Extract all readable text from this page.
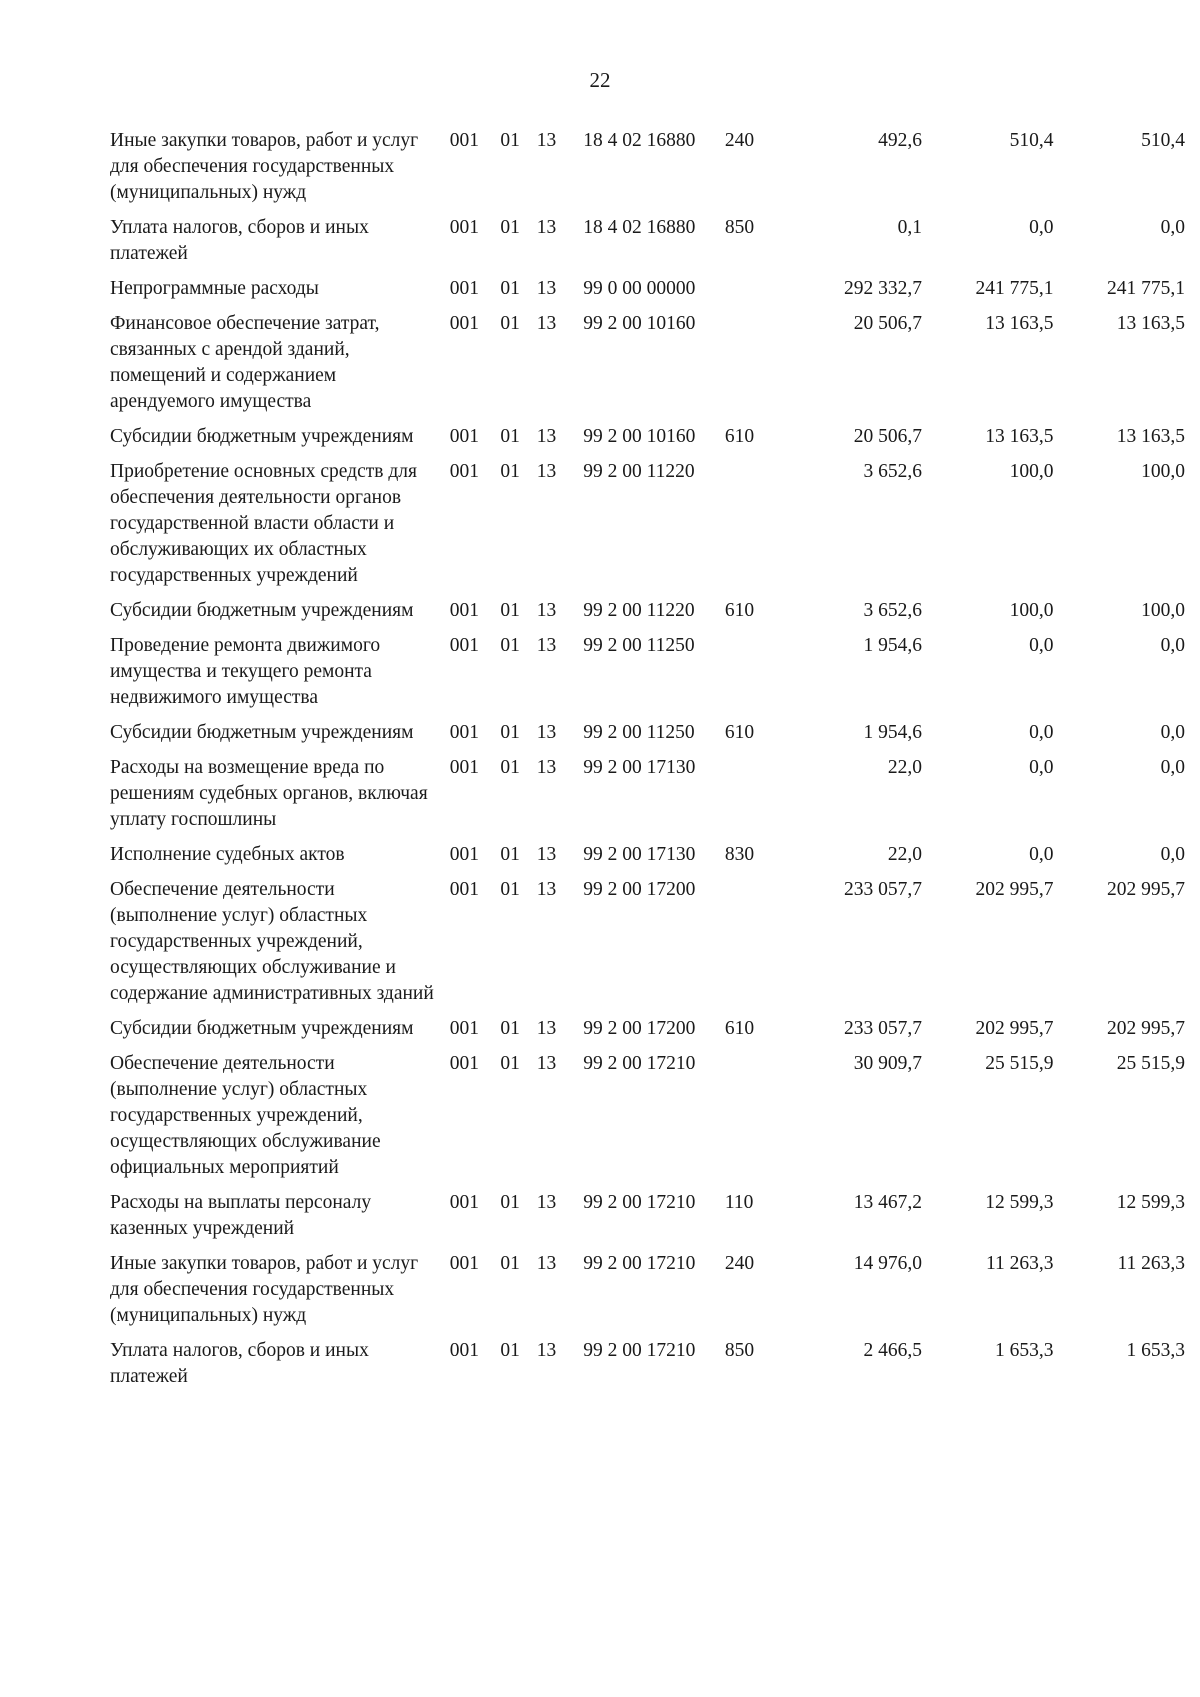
22
Иные закупки товаров, работ и услуг для обеспечения государственных (муниципальных) нужд	001	01	13	18 4 02 16880	240	492,6	510,4	510,4
Уплата налогов, сборов и иных платежей	001	01	13	18 4 02 16880	850	0,1	0,0	0,0
Непрограммные расходы	001	01	13	99 0 00 00000		292 332,7	241 775,1	241 775,1
Финансовое обеспечение затрат, связанных с арендой зданий, помещений и содержанием арендуемого имущества	001	01	13	99 2 00 10160		20 506,7	13 163,5	13 163,5
Субсидии бюджетным учреждениям	001	01	13	99 2 00 10160	610	20 506,7	13 163,5	13 163,5
Приобретение основных средств для обеспечения деятельности органов государственной власти области и обслуживающих их областных государственных учреждений	001	01	13	99 2 00 11220		3 652,6	100,0	100,0
Субсидии бюджетным учреждениям	001	01	13	99 2 00 11220	610	3 652,6	100,0	100,0
Проведение ремонта движимого имущества и текущего ремонта недвижимого имущества	001	01	13	99 2 00 11250		1 954,6	0,0	0,0
Субсидии бюджетным учреждениям	001	01	13	99 2 00 11250	610	1 954,6	0,0	0,0
Расходы на возмещение вреда по решениям судебных органов, включая уплату госпошлины	001	01	13	99 2 00 17130		22,0	0,0	0,0
Исполнение судебных актов	001	01	13	99 2 00 17130	830	22,0	0,0	0,0
Обеспечение деятельности (выполнение услуг) областных государственных учреждений, осуществляющих обслуживание и содержание административных зданий	001	01	13	99 2 00 17200		233 057,7	202 995,7	202 995,7
Субсидии бюджетным учреждениям	001	01	13	99 2 00 17200	610	233 057,7	202 995,7	202 995,7
Обеспечение деятельности (выполнение услуг) областных государственных учреждений, осуществляющих обслуживание официальных мероприятий	001	01	13	99 2 00 17210		30 909,7	25 515,9	25 515,9
Расходы на выплаты персоналу казенных учреждений	001	01	13	99 2 00 17210	110	13 467,2	12 599,3	12 599,3
Иные закупки товаров, работ и услуг для обеспечения государственных (муниципальных) нужд	001	01	13	99 2 00 17210	240	14 976,0	11 263,3	11 263,3
Уплата налогов, сборов и иных платежей	001	01	13	99 2 00 17210	850	2 466,5	1 653,3	1 653,3
